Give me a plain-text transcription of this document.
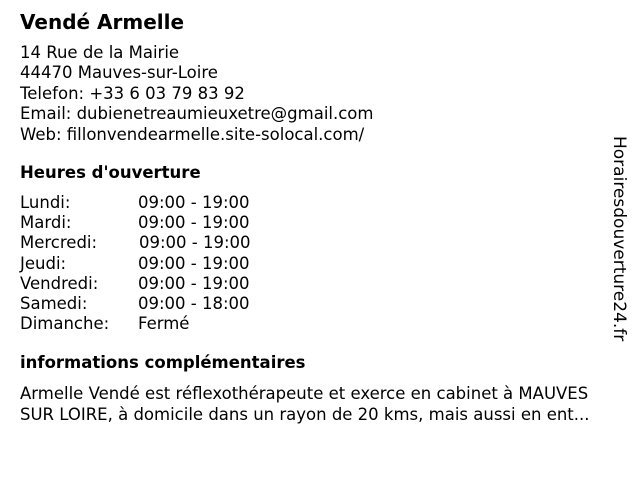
Vendé Armelle
14 Rue de la Mairie
44470 Mauves-sur-Loire
Telefon: +33 6 03 79 83 92
Email: dubienetreaumieuxetre@gmail.com
Web: fillonvendearmelle.site-solocal.com/
Heures d'ouverture
Lundi:	09:00 - 19:00
Mardi:	09:00 - 19:00
Mercredi:	09:00 - 19:00
Jeudi:	09:00 - 19:00
Vendredi: 09:00 - 19:00
Samedi:	09:00 - 18:00
Dimanche: Fermé
informations complémentaires
Armelle Vendé est réflexothérapeute et exerce en cabinet à MAUVES
SUR LOIRE, à domicile dans un rayon de 20 kms, mais aussi en ent...
Horairesdouverture24.fr
